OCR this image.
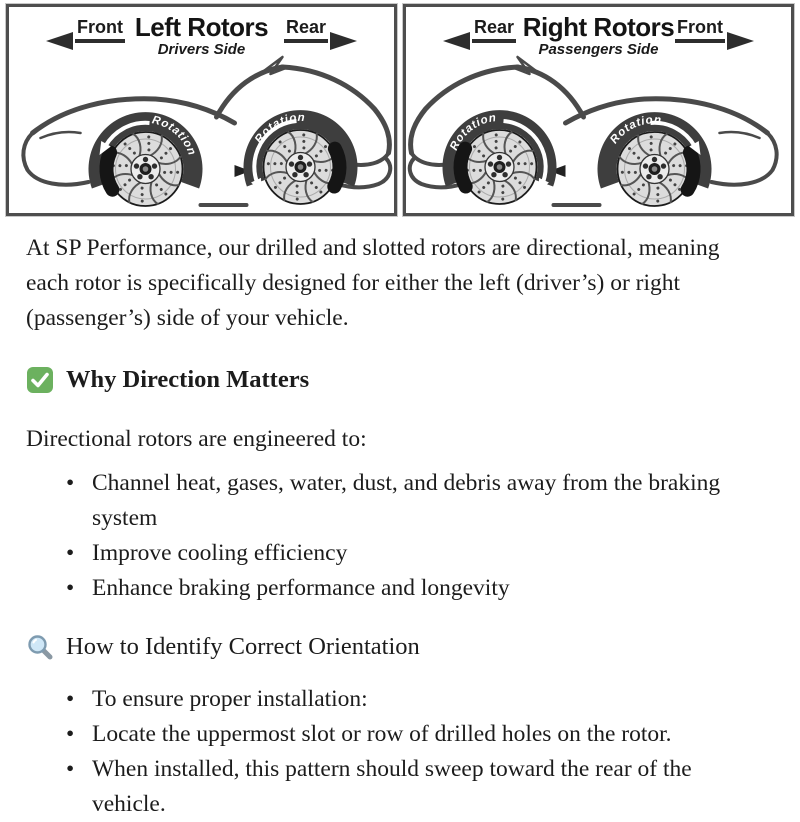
Rotation
Rotation
Left Rotors
Drivers Side
Front	Rear
Rotation
Rotation
Right Rotors
Passengers Side
Rear	Front

At SP Performance, our drilled and slotted rotors are directional, meaning each rotor is specifically designed for either the left (driver’s) or right (passenger’s) side of your vehicle.

Why Direction Matters

Directional rotors are engineered to:

• Channel heat, gases, water, dust, and debris away from the braking system
• Improve cooling efficiency
• Enhance braking performance and longevity
How to Identify Correct Orientation
• To ensure proper installation:
• Locate the uppermost slot or row of drilled holes on the rotor.
• When installed, this pattern should sweep toward the rear of the vehicle.
